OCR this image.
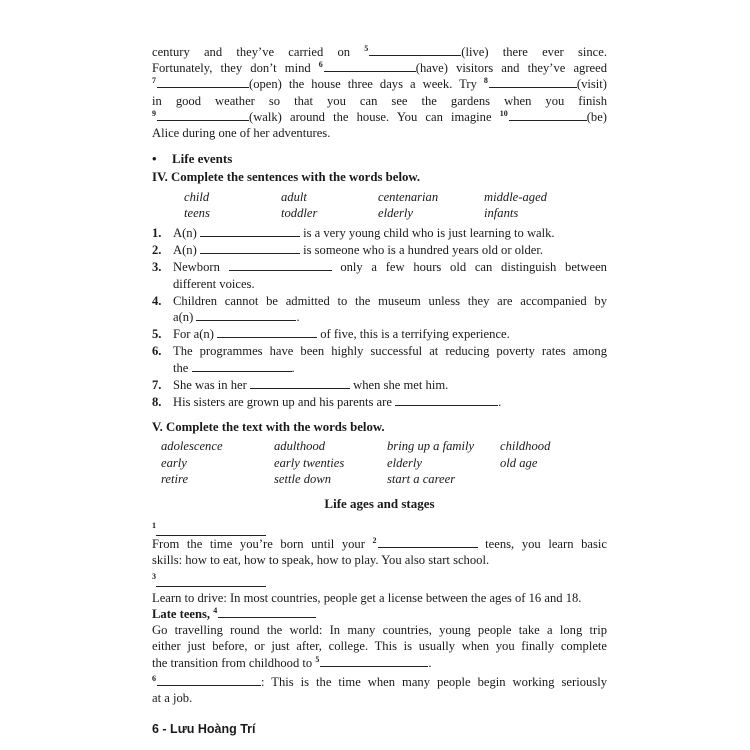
century and they’ve carried on $^5$	(live) there ever since.
Fortunately, they don’t mind $^6$	(have) visitors and they’ve agreed
$^7$	(open) the house three days a week. Try $^8$	(visit)
in good weather so that you can see the gardens when you finish
$^9$	(walk) around the house. You can imagine $^{10}$	(be)
Alice during one of her adventures.
• Life events
IV. Complete the sentences with the words below.
child	adult	centenarian	middle-aged
teens	toddler	elderly	infants
1. A(n)	is a very young child who is just learning to walk.
2. A(n)	is someone who is a hundred years old or older.
3. Newborn	only a few hours old can distinguish between
different voices.
4. Children cannot be admitted to the museum unless they are accompanied by
a(n)	.
5. For a(n)	of five, this is a terrifying experience.
6. The programmes have been highly successful at reducing poverty rates among
the	.
7. She was in her	when she met him.
8. His sisters are grown up and his parents are	.
V. Complete the text with the words below.
adolescence	adulthood	bring up a family	childhood
early	early twenties	elderly	old age
retire	settle down	start a career
Life ages and stages
1
From the time you’re born until your $^2$	teens, you learn basic
skills: how to eat, how to speak, how to play. You also start school.
3
Learn to drive: In most countries, people get a license between the ages of 16 and 18.
Late teens, $^4$
Go travelling round the world: In many countries, young people take a long trip
either just before, or just after, college. This is usually when you finally complete
the transition from childhood to $^5$	.
$^6$	: This is the time when many people begin working seriously
at a job.
6 - Lưu Hoàng Trí
